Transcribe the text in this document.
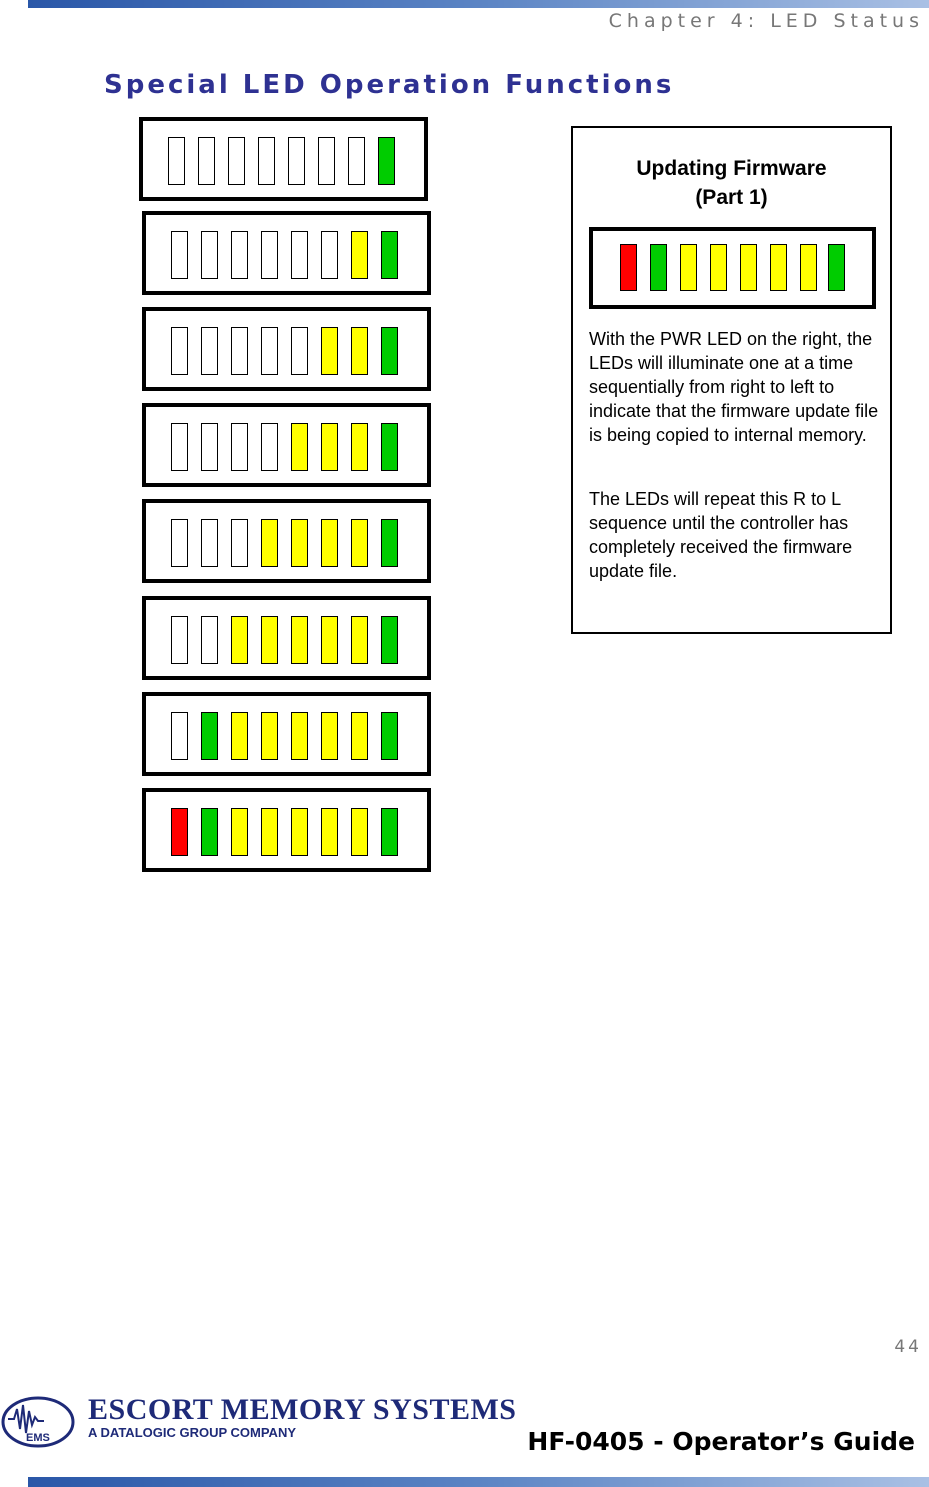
Chapter 4: LED Status
Special LED Operation Functions
Updating Firmware
(Part 1)
With the PWR LED on the right, the LEDs will illuminate one at a time sequentially from right to left to indicate that the firmware update file is being copied to internal memory.
The LEDs will repeat this R to L sequence until the controller has completely received the firmware update file.
44
EMS
ESCORT MEMORY SYSTEMS
A DATALOGIC GROUP COMPANY	HF-0405 - Operator’s Guide
